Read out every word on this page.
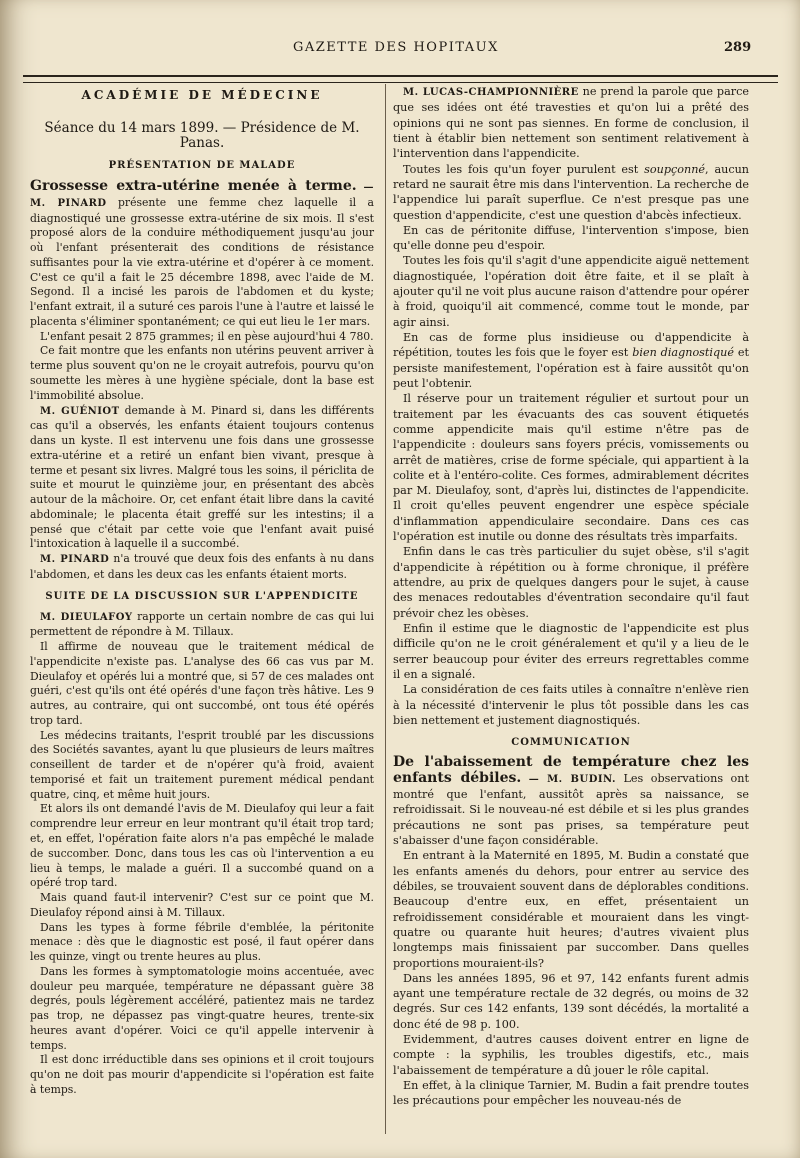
GAZETTE DES HOPITAUX	289
ACADÉMIE DE MÉDECINE
Séance du 14 mars 1899. — Présidence de M. Panas.
PRÉSENTATION DE MALADE

Grossesse extra-utérine menée à terme. — M. PINARD présente une femme chez laquelle il a diagnostiqué une grossesse extra-utérine de six mois. Il s'est proposé alors de la conduire méthodiquement jusqu'au jour où l'enfant présenterait des conditions de résistance suffisantes pour la vie extra-utérine et d'opérer à ce moment. C'est ce qu'il a fait le 25 décembre 1898, avec l'aide de M. Segond. Il a incisé les parois de l'abdomen et du kyste; l'enfant extrait, il a suturé ces parois l'une à l'autre et laissé le placenta s'éliminer spontanément; ce qui eut lieu le 1er mars.

L'enfant pesait 2 875 grammes; il en pèse aujourd'hui 4 780.

Ce fait montre que les enfants non utérins peuvent arriver à terme plus souvent qu'on ne le croyait autrefois, pourvu qu'on soumette les mères à une hygiène spéciale, dont la base est l'immobilité absolue.

M. GUÉNIOT demande à M. Pinard si, dans les différents cas qu'il a observés, les enfants étaient toujours contenus dans un kyste. Il est intervenu une fois dans une grossesse extra-utérine et a retiré un enfant bien vivant, presque à terme et pesant six livres. Malgré tous les soins, il périclita de suite et mourut le quinzième jour, en présentant des abcès autour de la mâchoire. Or, cet enfant était libre dans la cavité abdominale; le placenta était greffé sur les intestins; il a pensé que c'était par cette voie que l'enfant avait puisé l'intoxication à laquelle il a succombé.

M. PINARD n'a trouvé que deux fois des enfants à nu dans l'abdomen, et dans les deux cas les enfants étaient morts.

SUITE DE LA DISCUSSION SUR L'APPENDICITE

M. DIEULAFOY rapporte un certain nombre de cas qui lui permettent de répondre à M. Tillaux.

Il affirme de nouveau que le traitement médical de l'appendicite n'existe pas. L'analyse des 66 cas vus par M. Dieulafoy et opérés lui a montré que, si 57 de ces malades ont guéri, c'est qu'ils ont été opérés d'une façon très hâtive. Les 9 autres, au contraire, qui ont succombé, ont tous été opérés trop tard.

Les médecins traitants, l'esprit troublé par les discussions des Sociétés savantes, ayant lu que plusieurs de leurs maîtres conseillent de tarder et de n'opérer qu'à froid, avaient temporisé et fait un traitement purement médical pendant quatre, cinq, et même huit jours.

Et alors ils ont demandé l'avis de M. Dieulafoy qui leur a fait comprendre leur erreur en leur montrant qu'il était trop tard; et, en effet, l'opération faite alors n'a pas empêché le malade de succomber. Donc, dans tous les cas où l'intervention a eu lieu à temps, le malade a guéri. Il a succombé quand on a opéré trop tard.

Mais quand faut-il intervenir? C'est sur ce point que M. Dieulafoy répond ainsi à M. Tillaux.

Dans les types à forme fébrile d'emblée, la péritonite menace : dès que le diagnostic est posé, il faut opérer dans les quinze, vingt ou trente heures au plus.

Dans les formes à symptomatologie moins accentuée, avec douleur peu marquée, température ne dépassant guère 38 degrés, pouls légèrement accéléré, patientez mais ne tardez pas trop, ne dépassez pas vingt-quatre heures, trente-six heures avant d'opérer. Voici ce qu'il appelle intervenir à temps.

Il est donc irréductible dans ses opinions et il croit toujours qu'on ne doit pas mourir d'appendicite si l'opération est faite à temps.

M. LUCAS-CHAMPIONNIÈRE ne prend la parole que parce que ses idées ont été travesties et qu'on lui a prêté des opinions qui ne sont pas siennes. En forme de conclusion, il tient à établir bien nettement son sentiment relativement à l'intervention dans l'appendicite.

Toutes les fois qu'un foyer purulent est soupçonné, aucun retard ne saurait être mis dans l'intervention. La recherche de l'appendice lui paraît superflue. Ce n'est presque pas une question d'appendicite, c'est une question d'abcès infectieux.

En cas de péritonite diffuse, l'intervention s'impose, bien qu'elle donne peu d'espoir.

Toutes les fois qu'il s'agit d'une appendicite aiguë nettement diagnostiquée, l'opération doit être faite, et il se plaît à ajouter qu'il ne voit plus aucune raison d'attendre pour opérer à froid, quoiqu'il ait commencé, comme tout le monde, par agir ainsi.

En cas de forme plus insidieuse ou d'appendicite à répétition, toutes les fois que le foyer est bien diagnostiqué et persiste manifestement, l'opération est à faire aussitôt qu'on peut l'obtenir.

Il réserve pour un traitement régulier et surtout pour un traitement par les évacuants des cas souvent étiquetés comme appendicite mais qu'il estime n'être pas de l'appendicite : douleurs sans foyers précis, vomissements ou arrêt de matières, crise de forme spéciale, qui appartient à la colite et à l'entéro-colite. Ces formes, admirablement décrites par M. Dieulafoy, sont, d'après lui, distinctes de l'appendicite. Il croit qu'elles peuvent engendrer une espèce spéciale d'inflammation appendiculaire secondaire. Dans ces cas l'opération est inutile ou donne des résultats très imparfaits.

Enfin dans le cas très particulier du sujet obèse, s'il s'agit d'appendicite à répétition ou à forme chronique, il préfère attendre, au prix de quelques dangers pour le sujet, à cause des menaces redoutables d'éventration secondaire qu'il faut prévoir chez les obèses.

Enfin il estime que le diagnostic de l'appendicite est plus difficile qu'on ne le croit généralement et qu'il y a lieu de le serrer beaucoup pour éviter des erreurs regrettables comme il en a signalé.

La considération de ces faits utiles à connaître n'enlève rien à la nécessité d'intervenir le plus tôt possible dans les cas bien nettement et justement diagnostiqués.

COMMUNICATION

De l'abaissement de température chez les enfants débiles. — M. BUDIN. Les observations ont montré que l'enfant, aussitôt après sa naissance, se refroidissait. Si le nouveau-né est débile et si les plus grandes précautions ne sont pas prises, sa température peut s'abaisser d'une façon considérable.

En entrant à la Maternité en 1895, M. Budin a constaté que les enfants amenés du dehors, pour entrer au service des débiles, se trouvaient souvent dans de déplorables conditions. Beaucoup d'entre eux, en effet, présentaient un refroidissement considérable et mouraient dans les vingt-quatre ou quarante huit heures; d'autres vivaient plus longtemps mais finissaient par succomber. Dans quelles proportions mouraient-ils?

Dans les années 1895, 96 et 97, 142 enfants furent admis ayant une température rectale de 32 degrés, ou moins de 32 degrés. Sur ces 142 enfants, 139 sont décédés, la mortalité a donc été de 98 p. 100.

Evidemment, d'autres causes doivent entrer en ligne de compte : la syphilis, les troubles digestifs, etc., mais l'abaissement de température a dû jouer le rôle capital.

En effet, à la clinique Tarnier, M. Budin a fait prendre toutes les précautions pour empêcher les nouveau-nés de
